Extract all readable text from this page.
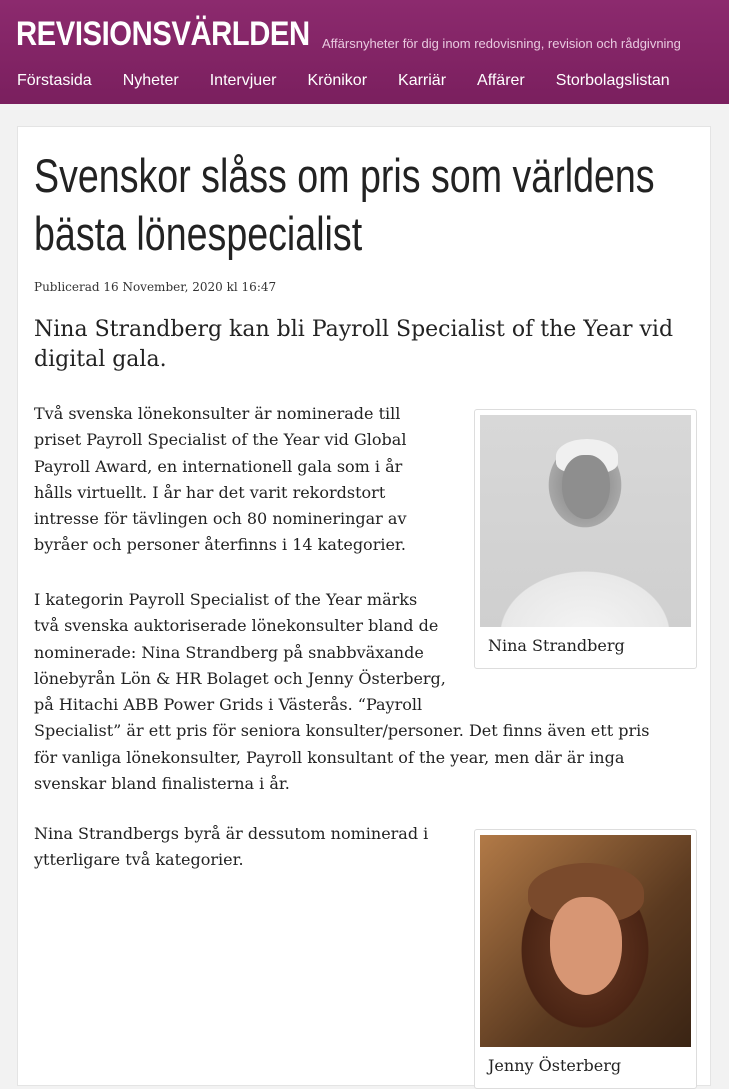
REVISIONSVÄRLDEN Affärsnyheter för dig inom redovisning, revision och rådgivning
Förstasida Nyheter Intervjuer Krönikor Karriär Affärer Storbolagslistan
Svenskor slåss om pris som världens bästa lönespecialist
Publicerad 16 November, 2020 kl 16:47
Nina Strandberg kan bli Payroll Specialist of the Year vid digital gala.
Nina Strandberg

Två svenska lönekonsulter är nominerade till
priset Payroll Specialist of the Year vid Global
Payroll Award, en internationell gala som i år
hålls virtuellt. I år har det varit rekordstort
intresse för tävlingen och 80 nomineringar av
byråer och personer återfinns i 14 kategorier.

I kategorin Payroll Specialist of the Year märks
två svenska auktoriserade lönekonsulter bland de
nominerade: Nina Strandberg på snabbväxande
lönebyrån Lön & HR Bolaget och Jenny Österberg,
på Hitachi ABB Power Grids i Västerås. “Payroll
Specialist” är ett pris för seniora konsulter/personer. Det finns även ett pris
för vanliga lönekonsulter, Payroll konsultant of the year, men där är inga
svenskar bland finalisterna i år.

Nina Strandbergs byrå är dessutom nominerad i
ytterligare två kategorier.

Jenny Österberg
